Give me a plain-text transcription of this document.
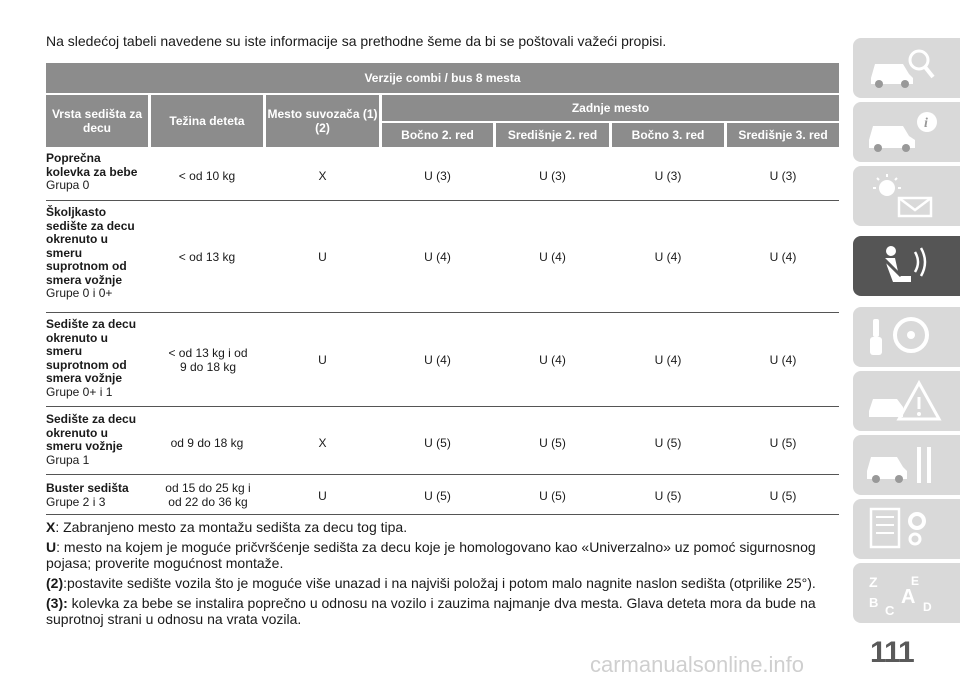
Na sledećoj tabeli navedene su iste informacije sa prethodne šeme da bi se poštovali važeći propisi.
Verzije combi / bus 8 mesta
Vrsta sedišta za decu	Težina deteta	Mesto suvozača (1) (2)
Zadnje mesto
Bočno 2. red	Središnje 2. red	Bočno 3. red	Središnje 3. red
Poprečna kolevka za bebe
Grupa 0
< od 10 kg	X	U (3)	U (3)	U (3)	U (3)
Školjkasto sedište za decu okrenuto u smeru suprotnom od smera vožnje
Grupe 0 i 0+
< od 13 kg	U	U (4)	U (4)	U (4)	U (4)
Sedište za decu okrenuto u smeru suprotnom od smera vožnje
Grupe 0+ i 1
< od 13 kg i od 9 do 18 kg	U	U (4)	U (4)	U (4)	U (4)
Sedište za decu okrenuto u smeru vožnje
Grupa 1
od 9 do 18 kg	X	U (5)	U (5)	U (5)	U (5)
Buster sedišta
Grupe 2 i 3
od 15 do 25 kg i od 22 do 36 kg	U	U (5)	U (5)	U (5)	U (5)
X: Zabranjeno mesto za montažu sedišta za decu tog tipa.
U: mesto na kojem je moguće pričvršćenje sedišta za decu koje je homologovano kao «Univerzalno» uz pomoć sigurnosnog pojasa; proverite mogućnost montaže.
(2):postavite sedište vozila što je moguće više unazad i na najviši položaj i potom malo nagnite naslon sedišta (otprilike 25°).
(3): kolevka za bebe se instalira poprečno u odnosu na vozilo i zauzima najmanje dva mesta. Glava deteta mora da bude na suprotnoj strani u odnosu na vrata vozila.
i
Z	E
B
C
A D
111
carmanualsonline.info
